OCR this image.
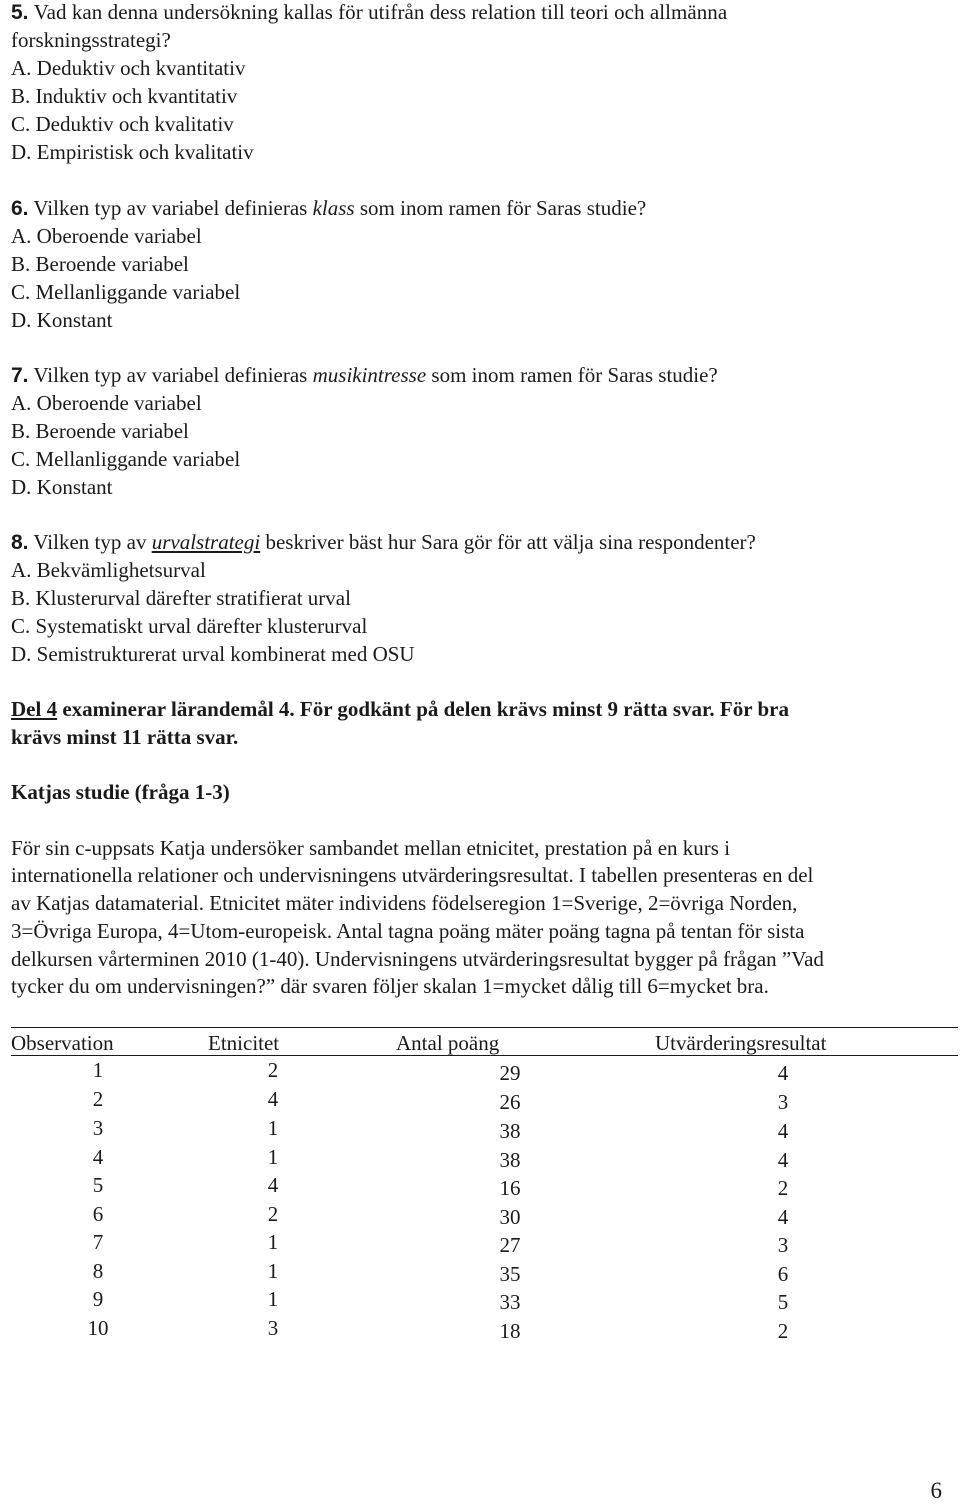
5. Vad kan denna undersökning kallas för utifrån dess relation till teori och allmänna
forskningsstrategi?
A. Deduktiv och kvantitativ
B. Induktiv och kvantitativ
C. Deduktiv och kvalitativ
D. Empiristisk och kvalitativ
6. Vilken typ av variabel definieras klass som inom ramen för Saras studie?
A. Oberoende variabel
B. Beroende variabel
C. Mellanliggande variabel
D. Konstant
7. Vilken typ av variabel definieras musikintresse som inom ramen för Saras studie?
A. Oberoende variabel
B. Beroende variabel
C. Mellanliggande variabel
D. Konstant
8. Vilken typ av urvalstrategi beskriver bäst hur Sara gör för att välja sina respondenter?
A. Bekvämlighetsurval
B. Klusterurval därefter stratifierat urval
C. Systematiskt urval därefter klusterurval
D. Semistrukturerat urval kombinerat med OSU
Del 4 examinerar lärandemål 4. För godkänt på delen krävs minst 9 rätta svar. För bra
krävs minst 11 rätta svar.
Katjas studie (fråga 1-3)
För sin c-uppsats Katja undersöker sambandet mellan etnicitet, prestation på en kurs i
internationella relationer och undervisningens utvärderingsresultat. I tabellen presenteras en del
av Katjas datamaterial. Etnicitet mäter individens födelseregion 1=Sverige, 2=övriga Norden,
3=Övriga Europa, 4=Utom-europeisk. Antal tagna poäng mäter poäng tagna på tentan för sista
delkursen vårterminen 2010 (1-40). Undervisningens utvärderingsresultat bygger på frågan ”Vad
tycker du om undervisningen?” där svaren följer skalan 1=mycket dålig till 6=mycket bra.
Observation	Etnicitet	Antal poäng	Utvärderingsresultat
1	2	29	4
2	4	26	3
3	1	38	4
4	1	38	4
5	4	16	2
6	2	30	4
7	1	27	3
8	1	35	6
9	1	33	5
10	3	18	2
6
